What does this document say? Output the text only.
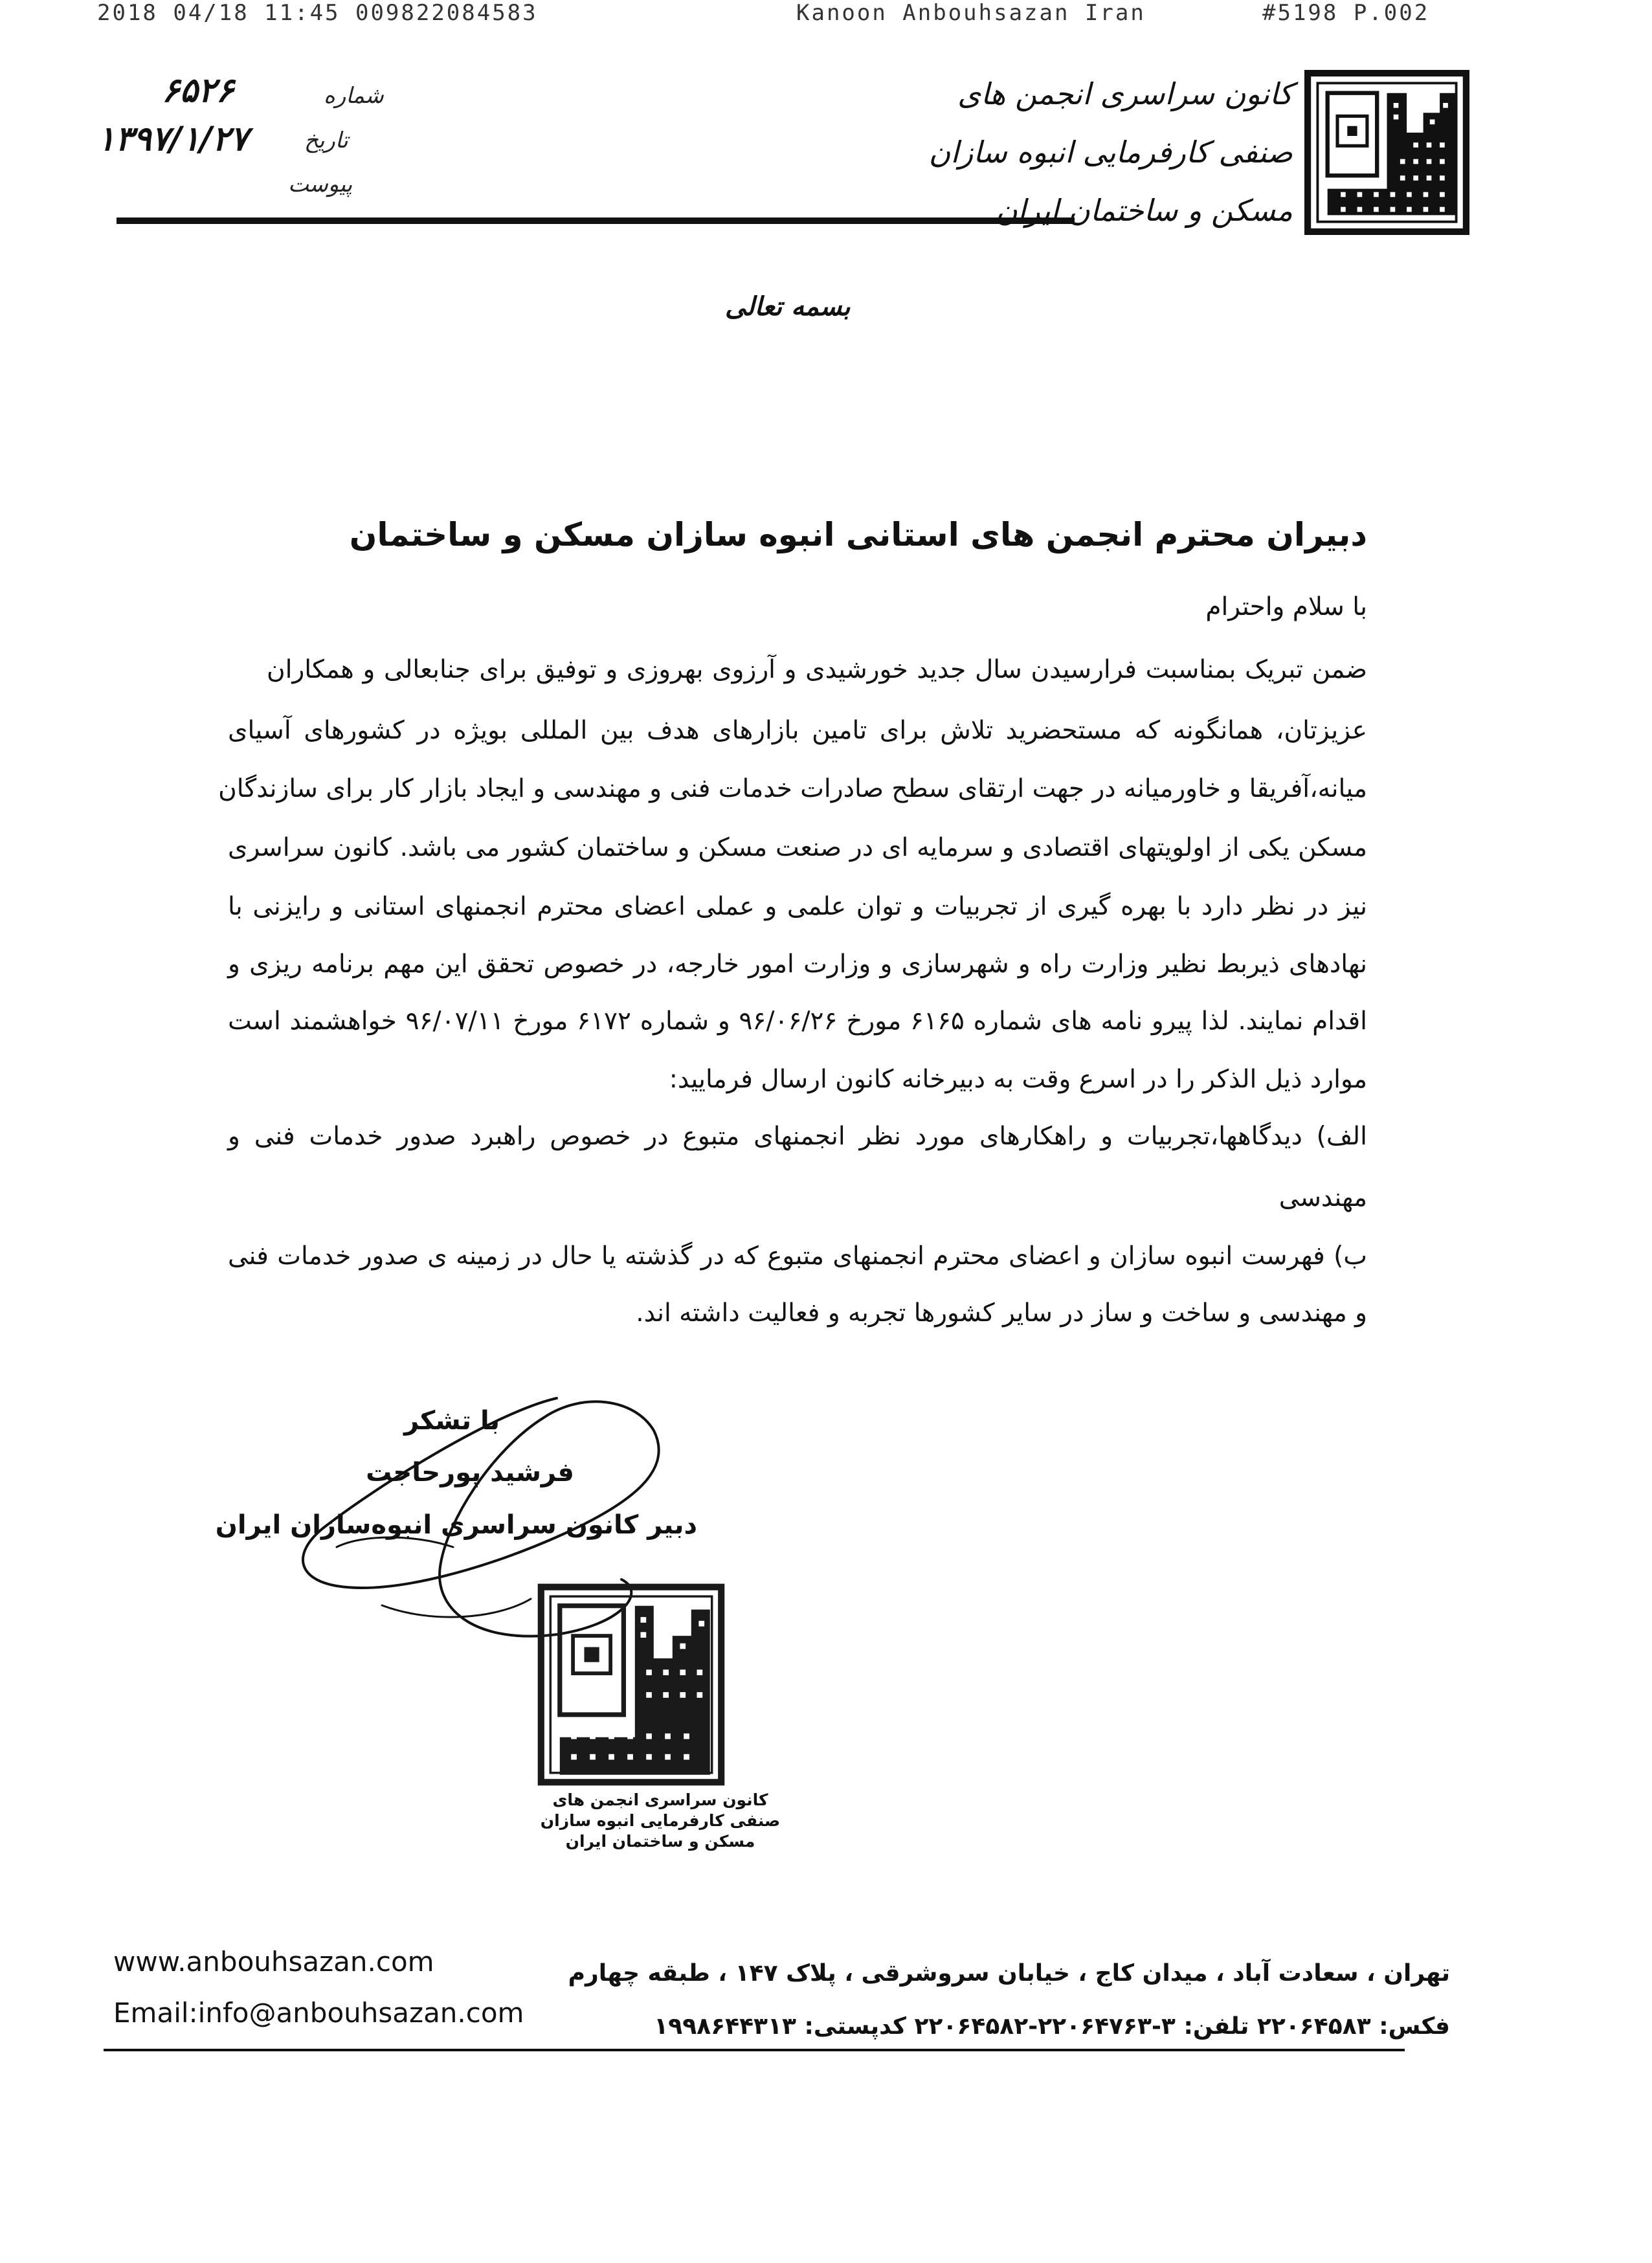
2018 04/18 11:45 009822084583	Kanoon Anbouhsazan Iran	#5198 P.002
۶۵۲۶	شماره
۱۳۹۷/۱/۲۷	تاریخ
پیوست
کانون سراسری انجمن های
صنفی کارفرمایی انبوه سازان
مسکن و ساختمان ایران
بسمه تعالی
دبیران محترم انجمن های استانی انبوه سازان مسکن و ساختمان
با سلام واحترام
ضمن تبریک بمناسبت فرارسیدن سال جدید خورشیدی و آرزوی بهروزی و توفیق برای جنابعالی و همکاران
عزیزتان، همانگونه که مستحضرید تلاش برای تامین بازارهای هدف بین المللی بویژه در کشورهای آسیای
میانه،آفریقا و خاورمیانه در جهت ارتقای سطح صادرات خدمات فنی و مهندسی و ایجاد بازار کار برای سازندگان
مسکن یکی از اولویتهای اقتصادی و سرمایه ای در صنعت مسکن و ساختمان کشور می باشد. کانون سراسری
نیز در نظر دارد با بهره گیری از تجربیات و توان علمی و عملی اعضای محترم انجمنهای استانی و رایزنی با
نهادهای ذیربط نظیر وزارت راه و شهرسازی و وزارت امور خارجه، در خصوص تحقق این مهم برنامه ریزی و
اقدام نمایند. لذا پیرو نامه های شماره ۶۱۶۵ مورخ ۹۶/۰۶/۲۶ و شماره ۶۱۷۲ مورخ ۹۶/۰۷/۱۱ خواهشمند است
موارد ذیل الذکر را در اسرع وقت به دبیرخانه کانون ارسال فرمایید:
الف) دیدگاهها،تجربیات و راهکارهای مورد نظر انجمنهای متبوع در خصوص راهبرد صدور خدمات فنی و
مهندسی
ب) فهرست انبوه سازان و اعضای محترم انجمنهای متبوع که در گذشته یا حال در زمینه ی صدور خدمات فنی
و مهندسی و ساخت و ساز در سایر کشورها تجربه و فعالیت داشته اند.
با تشکر
فرشید پورحاجت
دبیر کانون سراسری انبوه‌سازان ایران
کانون سراسری انجمن های
صنفی کارفرمایی انبوه سازان
مسکن و ساختمان ایران
www.anbouhsazan.com
Email:info@anbouhsazan.com
تهران ، سعادت آباد ، میدان کاج ، خیابان سروشرقی ، پلاک ۱۴۷ ، طبقه چهارم
فکس: ۲۲۰۶۴۵۸۳ تلفن: ۳-۲۲۰۶۴۷۶۳-۲۲۰۶۴۵۸۲ کدپستی: ۱۹۹۸۶۴۴۳۱۳
